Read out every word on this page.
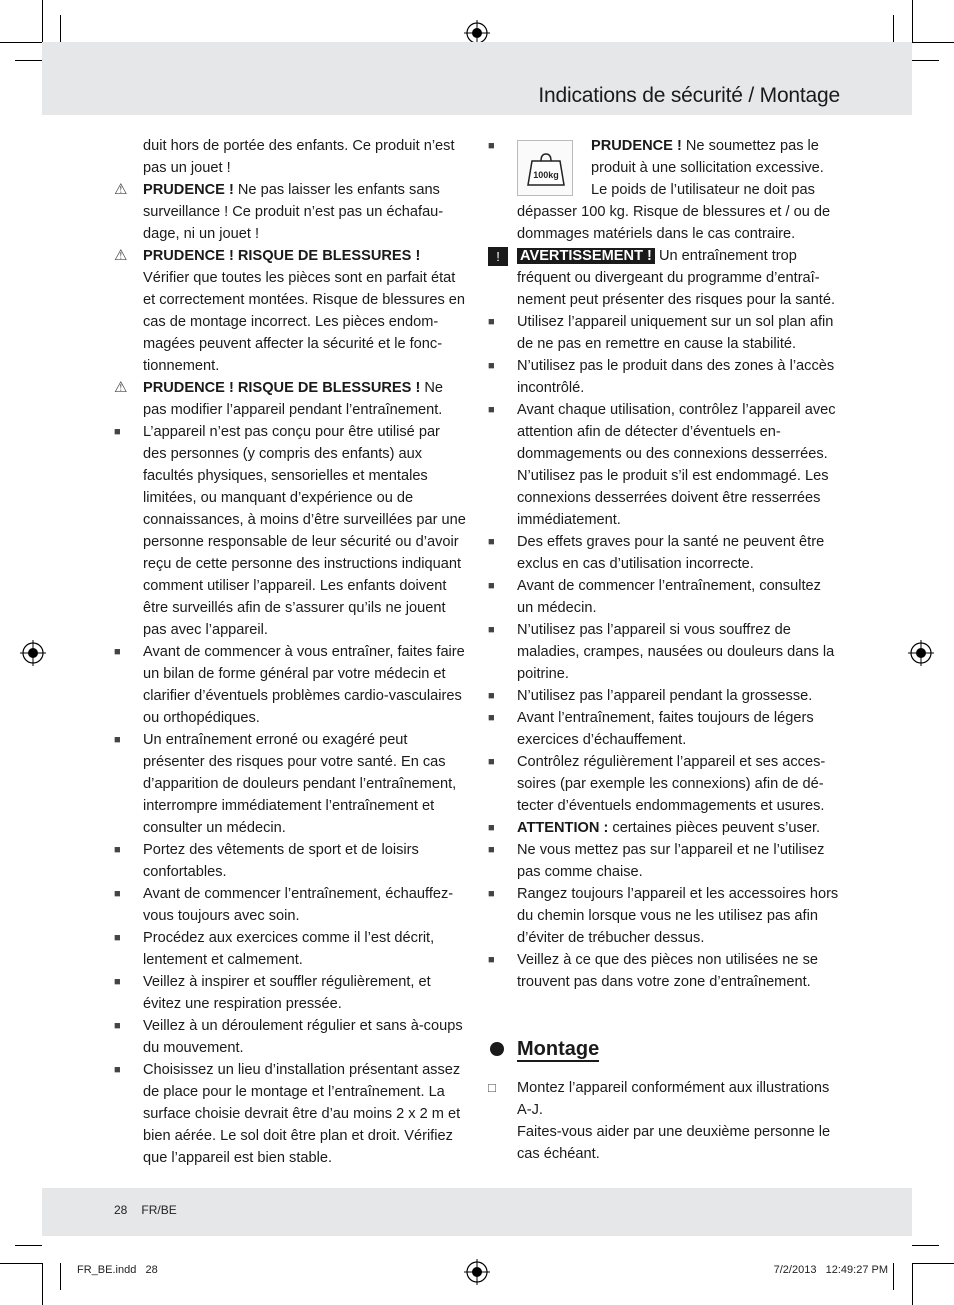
Indications de sécurité / Montage
duit hors de portée des enfants. Ce produit n’est pas un jouet !
⚠	PRUDENCE ! Ne pas laisser les enfants sans surveillance ! Ce produit n’est pas un échafaudage, ni un jouet !
⚠	PRUDENCE ! RISQUE DE BLESSURES ! Vérifier que toutes les pièces sont en parfait état et correctement montées. Risque de blessures en cas de montage incorrect. Les pièces endommagées peuvent affecter la sécurité et le fonctionnement.
⚠	PRUDENCE ! RISQUE DE BLESSURES ! Ne pas modifier l’appareil pendant l’entraînement.
■	L’appareil n’est pas conçu pour être utilisé par des personnes (y compris des enfants) aux facultés physiques, sensorielles et mentales limitées, ou manquant d’expérience ou de connaissances, à moins d’être surveillées par une personne responsable de leur sécurité ou d’avoir reçu de cette personne des instructions indiquant comment utiliser l’appareil. Les enfants doivent être surveillés afin de s’assurer qu’ils ne jouent pas avec l’appareil.
■	Avant de commencer à vous entraîner, faites faire un bilan de forme général par votre médecin et clarifier d’éventuels problèmes cardio-vasculaires ou orthopédiques.
■	Un entraînement erroné ou exagéré peut présenter des risques pour votre santé. En cas d’apparition de douleurs pendant l’entraînement, interrompre immédiatement l’entraînement et consulter un médecin.
■	Portez des vêtements de sport et de loisirs confortables.
■	Avant de commencer l’entraînement, échauffez-vous toujours avec soin.
■	Procédez aux exercices comme il l’est décrit, lentement et calmement.
■	Veillez à inspirer et souffler régulièrement, et évitez une respiration pressée.
■	Veillez à un déroulement régulier et sans à-coups du mouvement.
■	Choisissez un lieu d’installation présentant assez de place pour le montage et l’entraînement. La surface choisie devrait être d’au moins 2 x 2 m et bien aérée. Le sol doit être plan et droit. Vérifiez que l’appareil est bien stable.
■
100kg
PRUDENCE ! Ne soumettez pas le produit à une sollicitation excessive. Le poids de l’utilisateur ne doit pas dépasser 100 kg. Risque de blessures et / ou de dommages matériels dans le cas contraire.
!	AVERTISSEMENT ! Un entraînement trop fréquent ou divergeant du programme d’entraînement peut présenter des risques pour la santé.
■	Utilisez l’appareil uniquement sur un sol plan afin de ne pas en remettre en cause la stabilité.
■	N’utilisez pas le produit dans des zones à l’accès incontrôlé.
■	Avant chaque utilisation, contrôlez l’appareil avec attention afin de détecter d’éventuels endommagements ou des connexions desserrées. N’utilisez pas le produit s’il est endommagé. Les connexions desserrées doivent être resserrées immédiatement.
■	Des effets graves pour la santé ne peuvent être exclus en cas d’utilisation incorrecte.
■	Avant de commencer l’entraînement, consultez un médecin.
■	N’utilisez pas l’appareil si vous souffrez de maladies, crampes, nausées ou douleurs dans la poitrine.
■	N’utilisez pas l’appareil pendant la grossesse.
■	Avant l’entraînement, faites toujours de légers exercices d’échauffement.
■	Contrôlez régulièrement l’appareil et ses accessoires (par exemple les connexions) afin de détecter d’éventuels endommagements et usures.
■	ATTENTION : certaines pièces peuvent s’user.
■	Ne vous mettez pas sur l’appareil et ne l’utilisez pas comme chaise.
■	Rangez toujours l’appareil et les accessoires hors du chemin lorsque vous ne les utilisez pas afin d’éviter de trébucher dessus.
■	Veillez à ce que des pièces non utilisées ne se trouvent pas dans votre zone d’entraînement.
Montage
□	Montez l’appareil conformément aux illustrations A-J.
Faites-vous aider par une deuxième personne le cas échéant.
28 FR/BE
FR_BE.indd   28	7/2/2013   12:49:27 PM
